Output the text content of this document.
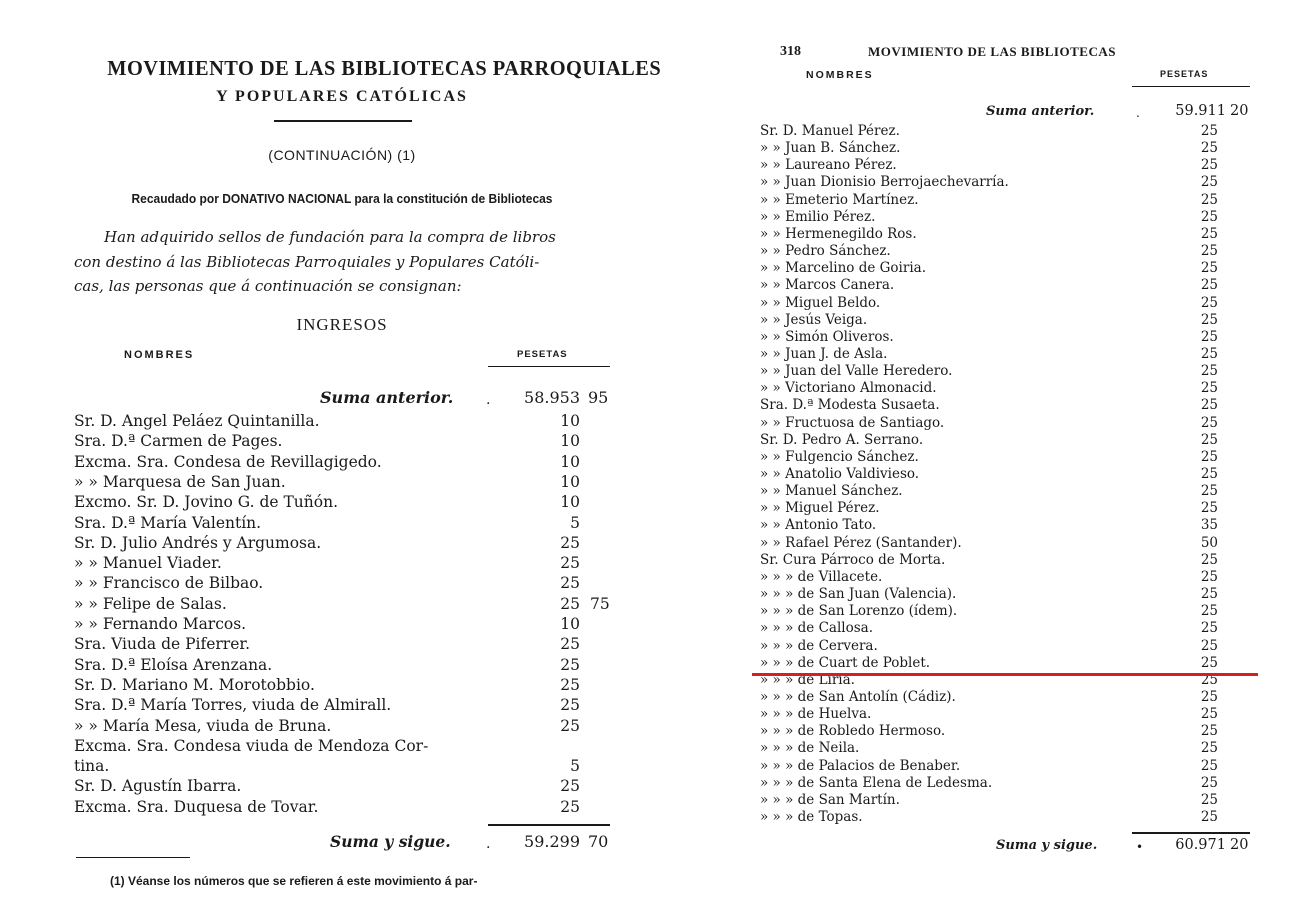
MOVIMIENTO DE LAS BIBLIOTECAS PARROQUIALES
Y POPULARES CATÓLICAS
(CONTINUACIÓN) (1)
Recaudado por DONATIVO NACIONAL para la constitución de Bibliotecas
Han adquirido sellos de fundación para la compra de libros
con destino á las Bibliotecas Parroquiales y Populares Católi-
cas, las personas que á continuación se consignan:
INGRESOS
NOMBRES	PESETAS
Suma anterior. .	58.953 95
Sr. D. Angel Peláez Quintanilla.	10
Sra. D.ª Carmen de Pages.	10
Excma. Sra. Condesa de Revillagigedo.	10
» » Marquesa de San Juan.	10
Excmo. Sr. D. Jovino G. de Tuñón.	10
Sra. D.ª María Valentín.	5
Sr. D. Julio Andrés y Argumosa.	25
» » Manuel Viader.	25
» » Francisco de Bilbao.	25
» » Felipe de Salas.	25 75
» » Fernando Marcos.	10
Sra. Viuda de Piferrer.	25
Sra. D.ª Eloísa Arenzana.	25
Sr. D. Mariano M. Morotobbio.	25
Sra. D.ª María Torres, viuda de Almirall.	25
» » María Mesa, viuda de Bruna.	25
Excma. Sra. Condesa viuda de Mendoza Cor-
tina.	5
Sr. D. Agustín Ibarra.	25
Excma. Sra. Duquesa de Tovar.	25
Suma y sigue.	.	59.299 70
(1) Véanse los números que se refieren á este movimiento á par-
318	MOVIMIENTO DE LAS BIBLIOTECAS
NOMBRES	PESETAS
Suma anterior.	.	59.911 20
Sr. D. Manuel Pérez.	25
» » Juan B. Sánchez.	25
» » Laureano Pérez.	25
» » Juan Dionisio Berrojaechevarría.	25
» » Emeterio Martínez.	25
» » Emilio Pérez.	25
» » Hermenegildo Ros.	25
» » Pedro Sánchez.	25
» » Marcelino de Goiria.	25
» » Marcos Canera.	25
» » Miguel Beldo.	25
» » Jesús Veiga.	25
» » Simón Oliveros.	25
» » Juan J. de Asla.	25
» » Juan del Valle Heredero.	25
» » Victoriano Almonacid.	25
Sra. D.ª Modesta Susaeta.	25
» » Fructuosa de Santiago.	25
Sr. D. Pedro A. Serrano.	25
» » Fulgencio Sánchez.	25
» » Anatolio Valdivieso.	25
» » Manuel Sánchez.	25
» » Miguel Pérez.	25
» » Antonio Tato.	35
» » Rafael Pérez (Santander).	50
Sr. Cura Párroco de Morta.	25
» » » de Villacete.	25
» » » de San Juan (Valencia).	25
» » » de San Lorenzo (ídem).	25
» » » de Callosa.	25
» » » de Cervera.	25
» » » de Cuart de Poblet.	25
» » » de Liria.	25
» » » de San Antolín (Cádiz).	25
» » » de Huelva.	25
» » » de Robledo Hermoso.	25
» » » de Neila.	25
» » » de Palacios de Benaber.	25
» » » de Santa Elena de Ledesma.	25
» » » de San Martín.	25
» » » de Topas.	25
Suma y sigue.	•	60.971 20
